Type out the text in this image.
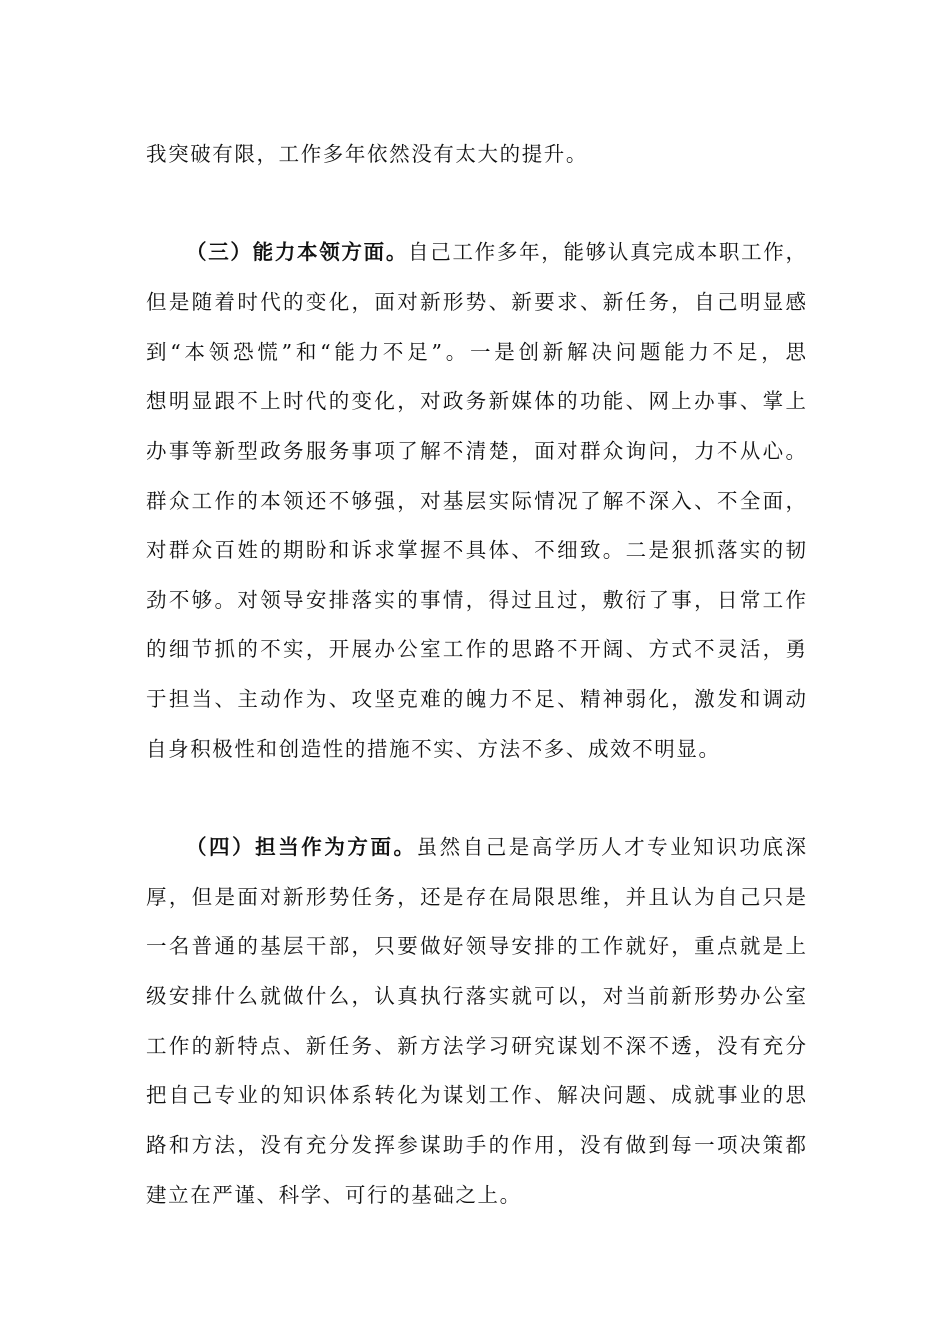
我突破有限，工作多年依然没有太大的提升。
（三）能力本领方面。自己工作多年，能够认真完成本职工作，
但是随着时代的变化，面对新形势、新要求、新任务，自己明显感
到“本领恐慌”和“能力不足”。一是创新解决问题能力不足，思
想明显跟不上时代的变化，对政务新媒体的功能、网上办事、掌上
办事等新型政务服务事项了解不清楚，面对群众询问，力不从心。
群众工作的本领还不够强，对基层实际情况了解不深入、不全面，
对群众百姓的期盼和诉求掌握不具体、不细致。二是狠抓落实的韧
劲不够。对领导安排落实的事情，得过且过，敷衍了事，日常工作
的细节抓的不实，开展办公室工作的思路不开阔、方式不灵活，勇
于担当、主动作为、攻坚克难的魄力不足、精神弱化，激发和调动
自身积极性和创造性的措施不实、方法不多、成效不明显。
（四）担当作为方面。虽然自己是高学历人才专业知识功底深
厚，但是面对新形势任务，还是存在局限思维，并且认为自己只是
一名普通的基层干部，只要做好领导安排的工作就好，重点就是上
级安排什么就做什么，认真执行落实就可以，对当前新形势办公室
工作的新特点、新任务、新方法学习研究谋划不深不透，没有充分
把自己专业的知识体系转化为谋划工作、解决问题、成就事业的思
路和方法，没有充分发挥参谋助手的作用，没有做到每一项决策都
建立在严谨、科学、可行的基础之上。
